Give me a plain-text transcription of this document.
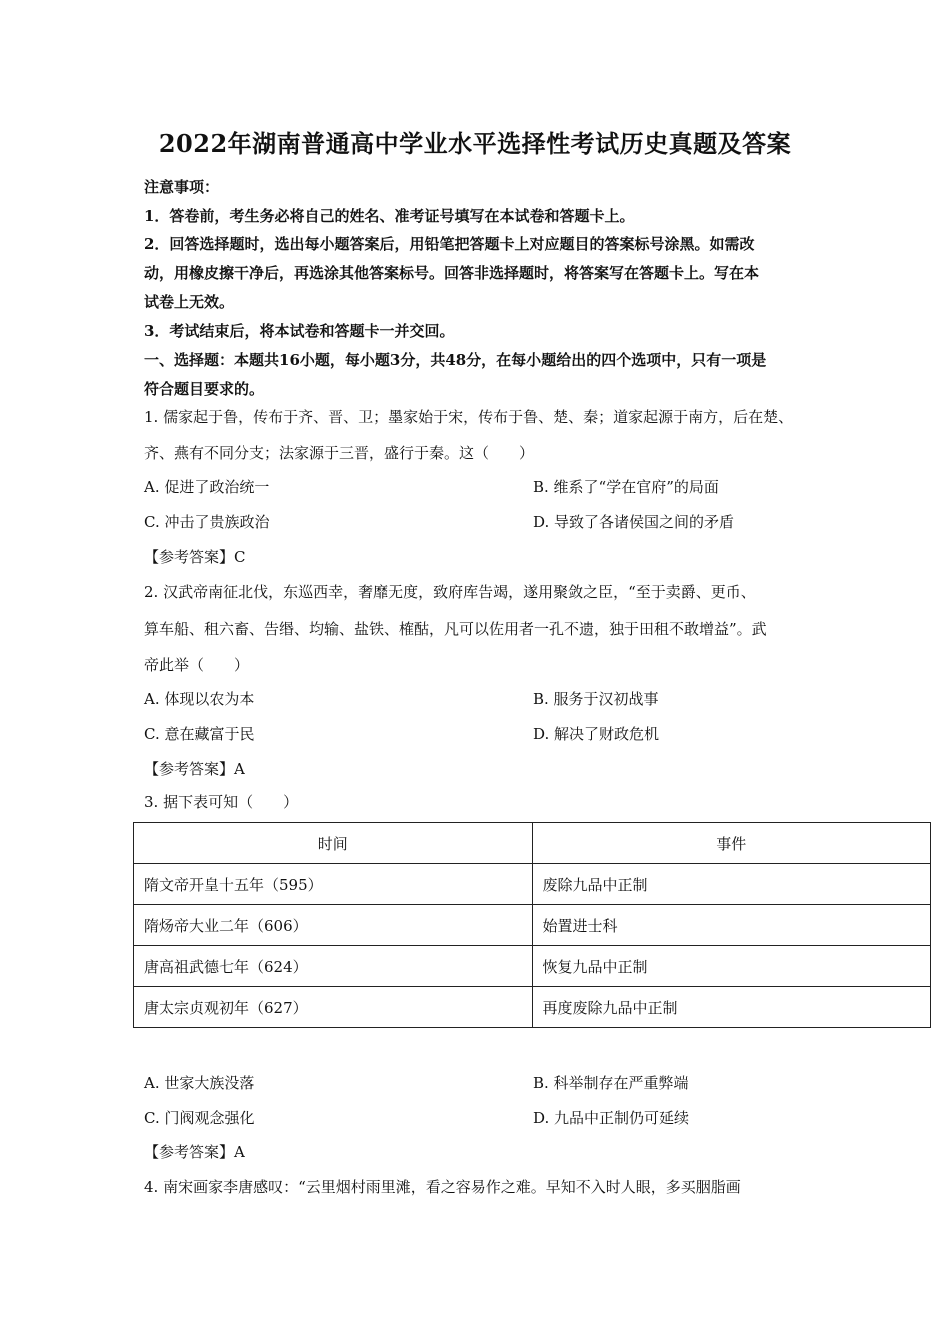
2022年湖南普通高中学业水平选择性考试历史真题及答案
注意事项：
1．答卷前，考生务必将自己的姓名、准考证号填写在本试卷和答题卡上。
2．回答选择题时，选出每小题答案后，用铅笔把答题卡上对应题目的答案标号涂黑。如需改
动，用橡皮擦干净后，再选涂其他答案标号。回答非选择题时，将答案写在答题卡上。写在本
试卷上无效。
3．考试结束后，将本试卷和答题卡一并交回。
一、选择题：本题共16小题，每小题3分，共48分，在每小题给出的四个选项中，只有一项是
符合题目要求的。
1. 儒家起于鲁，传布于齐、晋、卫；墨家始于宋，传布于鲁、楚、秦；道家起源于南方，后在楚、
齐、燕有不同分支；法家源于三晋，盛行于秦。这（　　）
A. 促进了政治统一	B. 维系了“学在官府”的局面
C. 冲击了贵族政治	D. 导致了各诸侯国之间的矛盾
【参考答案】C
2. 汉武帝南征北伐，东巡西幸，奢靡无度，致府库告竭，遂用聚敛之臣，“至于卖爵、更币、
算车船、租六畜、告缗、均输、盐铁、榷酤，凡可以佐用者一孔不遗，独于田租不敢增益”。武
帝此举（　　）
A. 体现以农为本	B. 服务于汉初战事
C. 意在藏富于民	D. 解决了财政危机
【参考答案】A
3. 据下表可知（　　）
时间	事件
隋文帝开皇十五年（595）	废除九品中正制
隋炀帝大业二年（606）	始置进士科
唐高祖武德七年（624）	恢复九品中正制
唐太宗贞观初年（627）	再度废除九品中正制
A. 世家大族没落	B. 科举制存在严重弊端
C. 门阀观念强化	D. 九品中正制仍可延续
【参考答案】A
4. 南宋画家李唐感叹：“云里烟村雨里滩，看之容易作之难。早知不入时人眼，多买胭脂画
